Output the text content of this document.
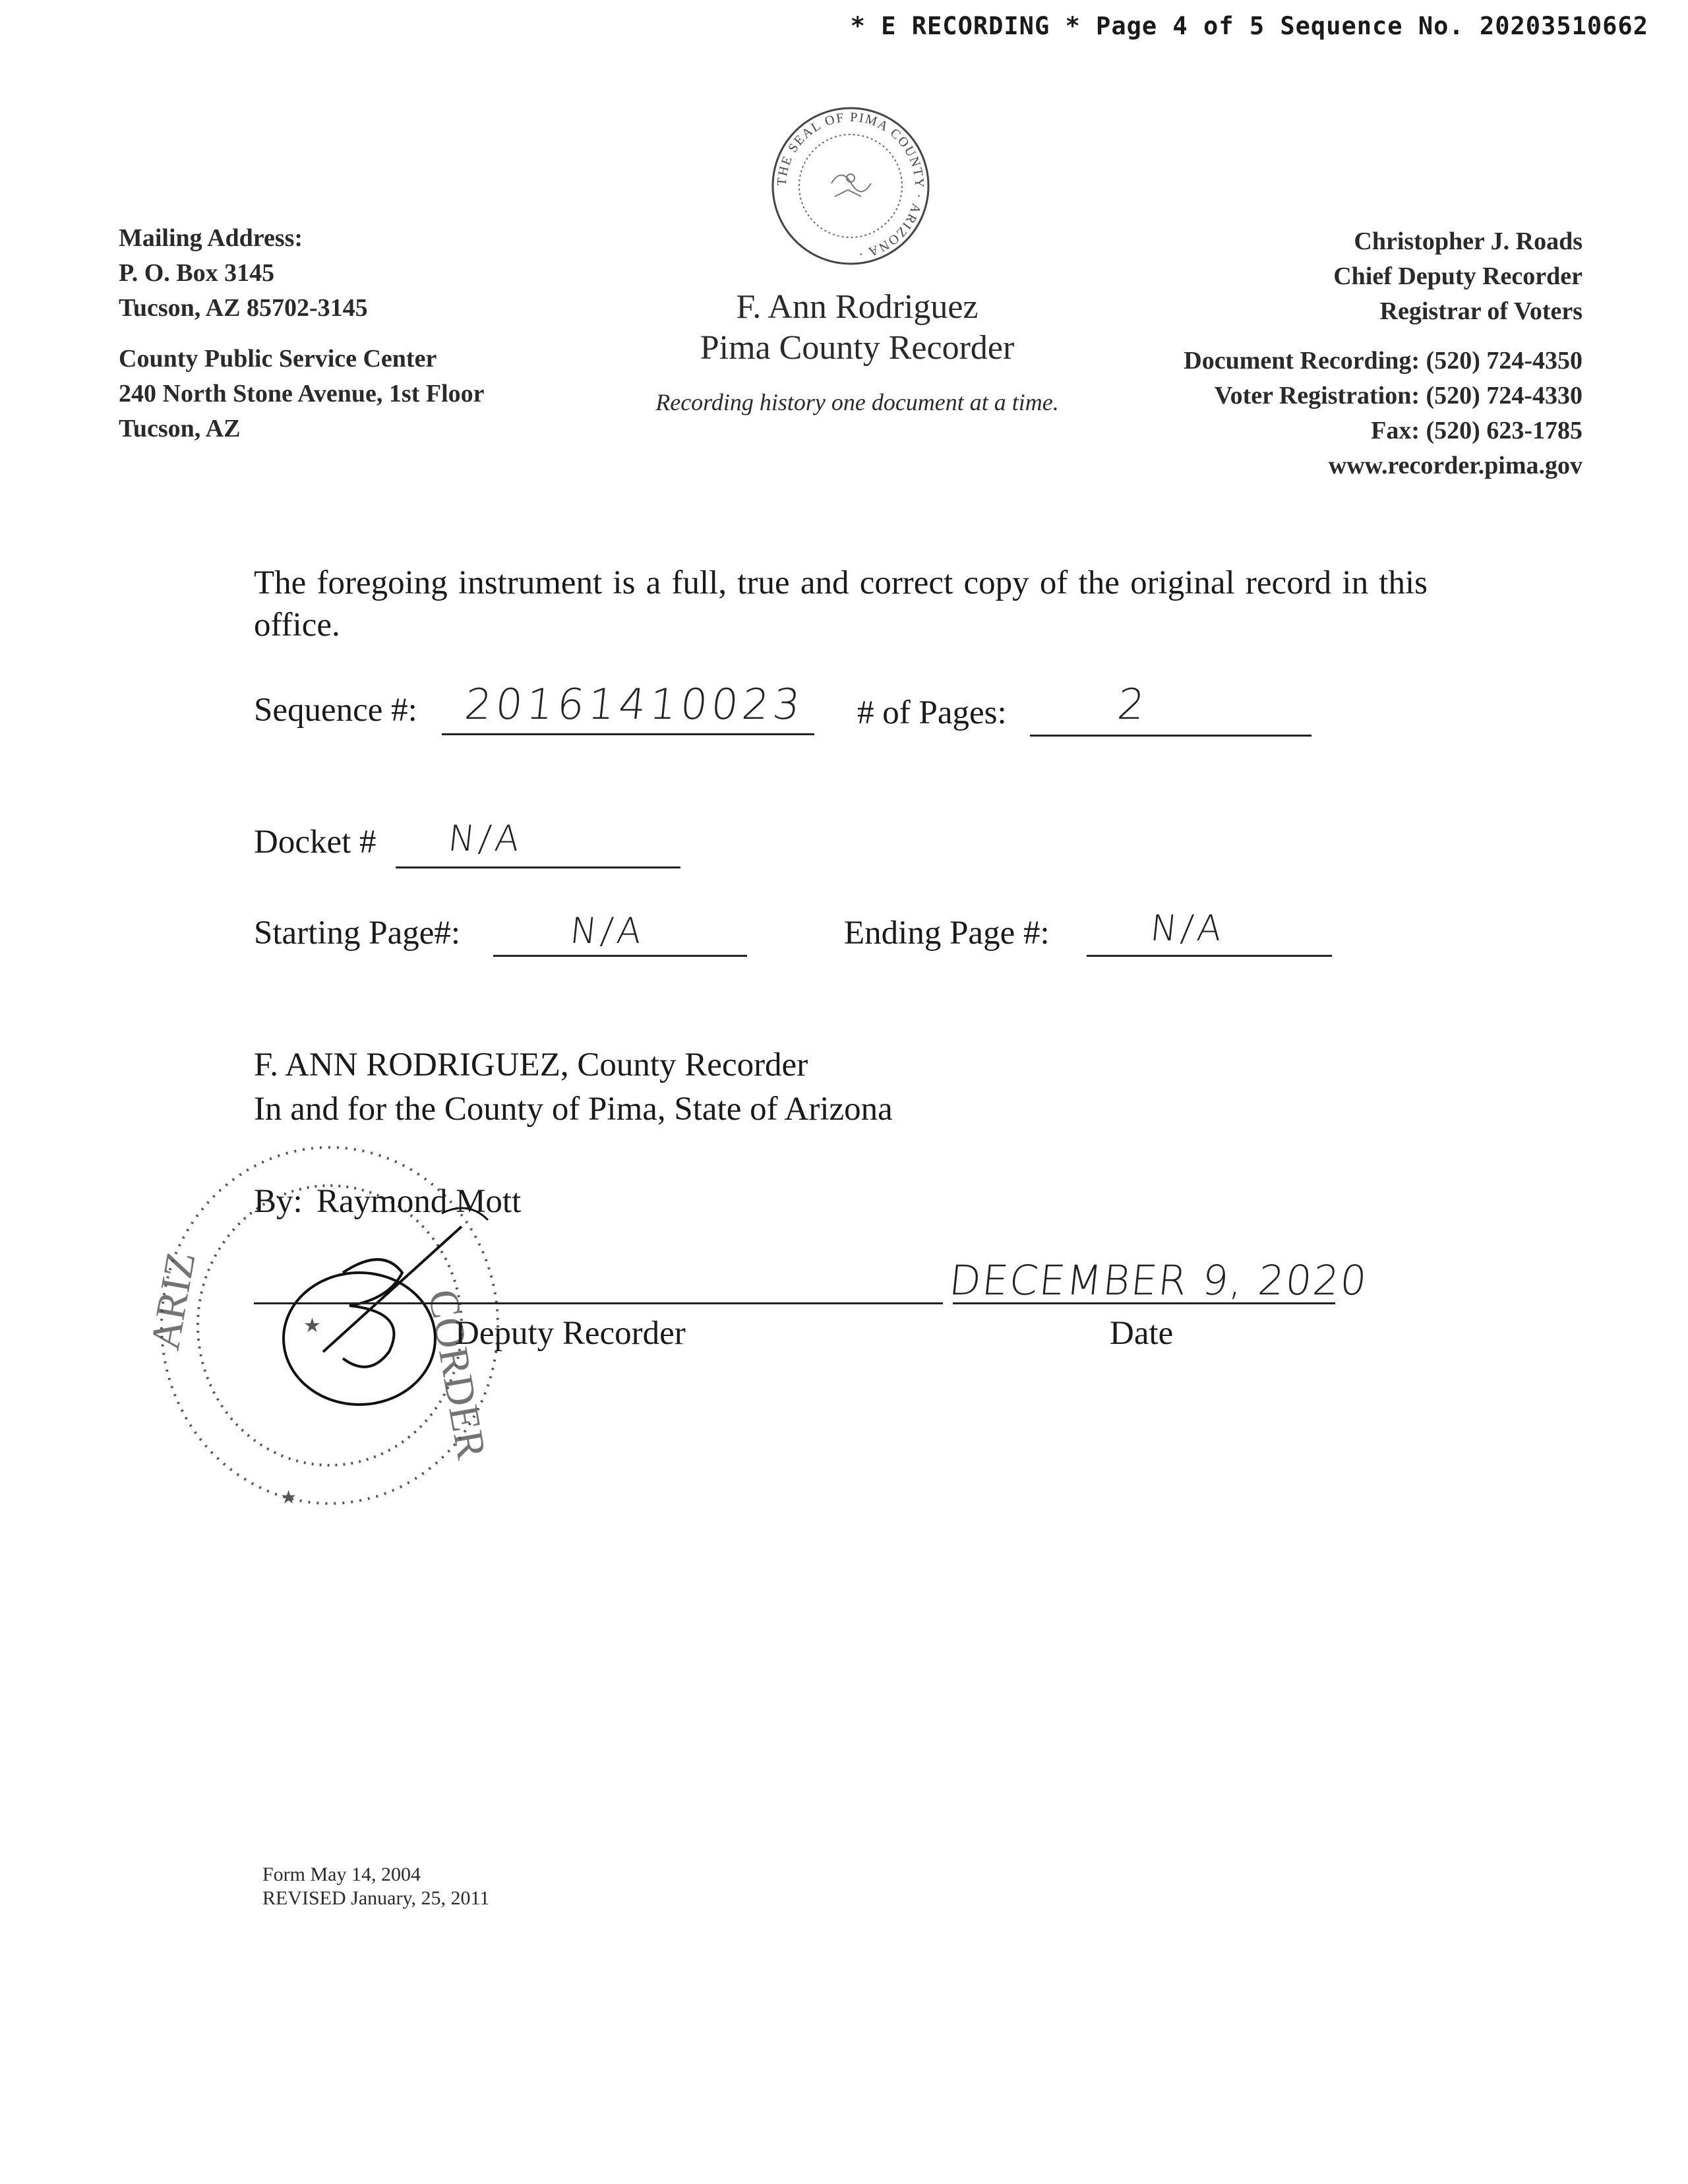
* E RECORDING * Page 4 of 5 Sequence No. 20203510662
THE SEAL OF PIMA COUNTY · ARIZONA ·
Mailing Address:
P. O. Box 3145
Tucson, AZ 85702-3145
County Public Service Center
240 North Stone Avenue, 1st Floor
Tucson, AZ
F. Ann Rodriguez
Pima County Recorder
Recording history one document at a time.
Christopher J. Roads
Chief Deputy Recorder
Registrar of Voters
Document Recording: (520) 724-4350
Voter Registration: (520) 724-4330
Fax: (520) 623-1785
www.recorder.pima.gov
The foregoing instrument is a full, true and correct copy of the original record in this office.
Sequence #: 20161410023 # of Pages:	2
Docket # N/A
Starting Page#:	N/A	Ending Page #:	N/A
F. ANN RODRIGUEZ, County Recorder
In and for the County of Pima, State of Arizona
ARIZ	CORDER
★
★
By: Raymond Mott
Deputy Recorder
DECEMBER 9, 2020
Date
Form May 14, 2004
REVISED January, 25, 2011
